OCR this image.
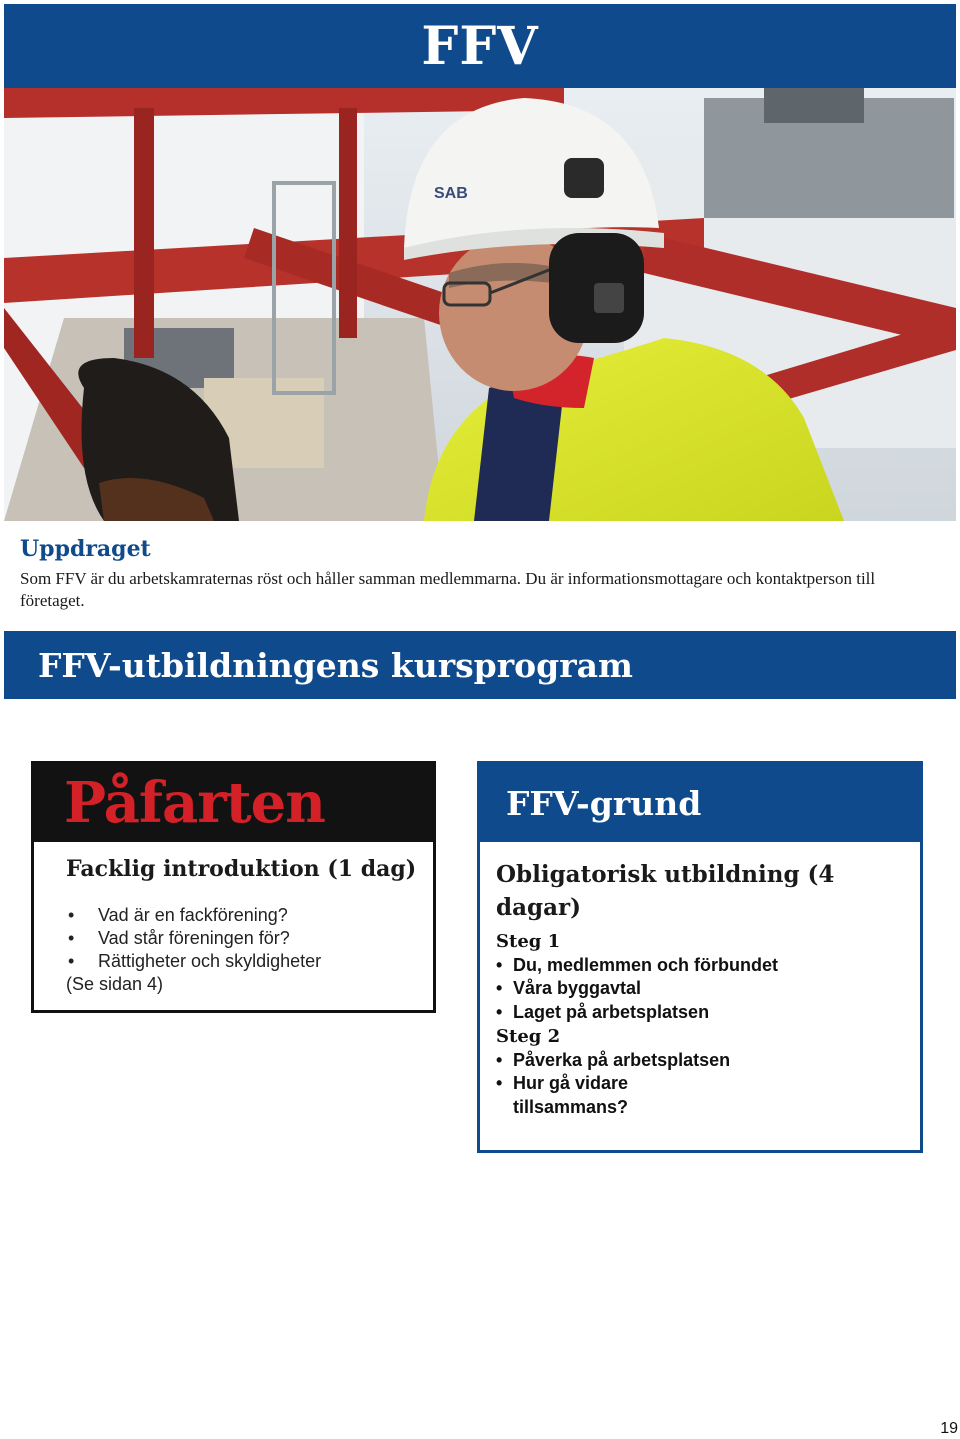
FFV
SAB
Uppdraget

Som FFV är du arbetskamraternas röst och håller samman medlemmarna. Du är informationsmottagare och kontaktperson till företaget.

FFV-utbildningens kursprogram
Påfarten
Facklig introduktion (1 dag)
• Vad är en fackförening?
• Vad står föreningen för?
• Rättigheter och skyldigheter

(Se sidan 4)

FFV-grund
Obligatorisk utbildning (4 dagar)
Steg 1
• Du, medlemmen och förbundet
• Våra byggavtal
• Laget på arbetsplatsen
Steg 2
• Påverka på arbetsplatsen
• Hur gå vidare tillsammans?
19
